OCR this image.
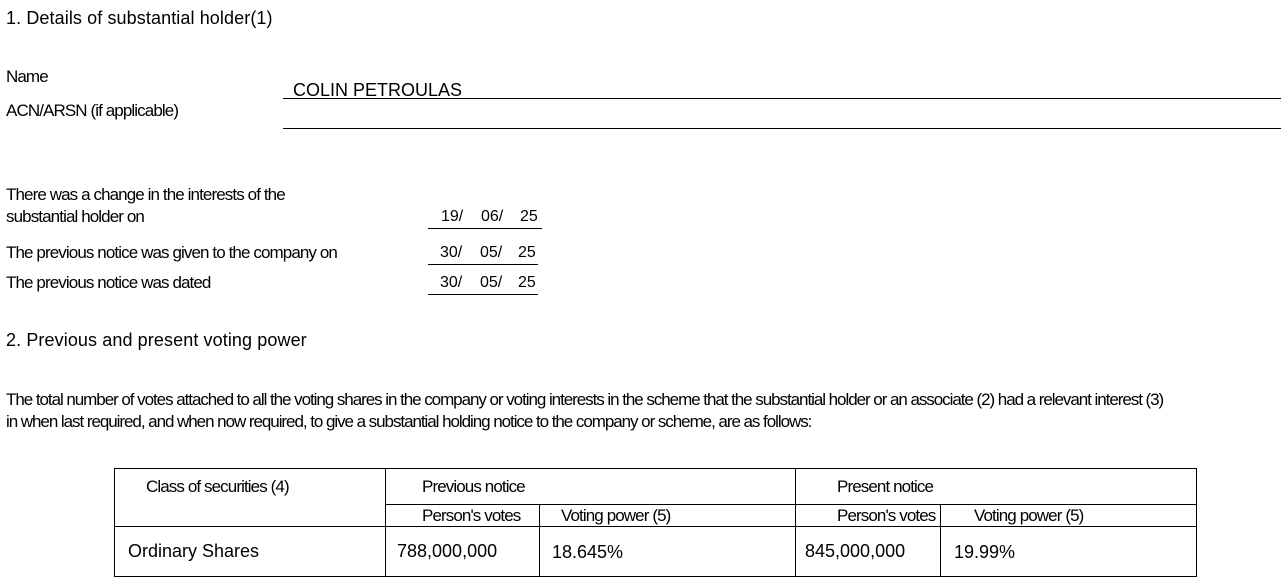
1. Details of substantial holder(1)
Name
COLIN PETROULAS
ACN/ARSN (if applicable)
There was a change in the interests of the
substantial holder on	19/ 06/ 25
The previous notice was given to the company on	30/ 05/ 25
The previous notice was dated	30/ 05/ 25
2. Previous and present voting power
The total number of votes attached to all the voting shares in the company or voting interests in the scheme that the substantial holder or an associate (2) had a relevant interest (3)
in when last required, and when now required, to give a substantial holding notice to the company or scheme, are as follows:
Class of securities (4)	Previous notice		Present notice	

	Person's votes	Voting power (5)	Person's votes	Voting power (5)

Ordinary Shares	788,000,000	18.645%	845,000,000	19.99%
